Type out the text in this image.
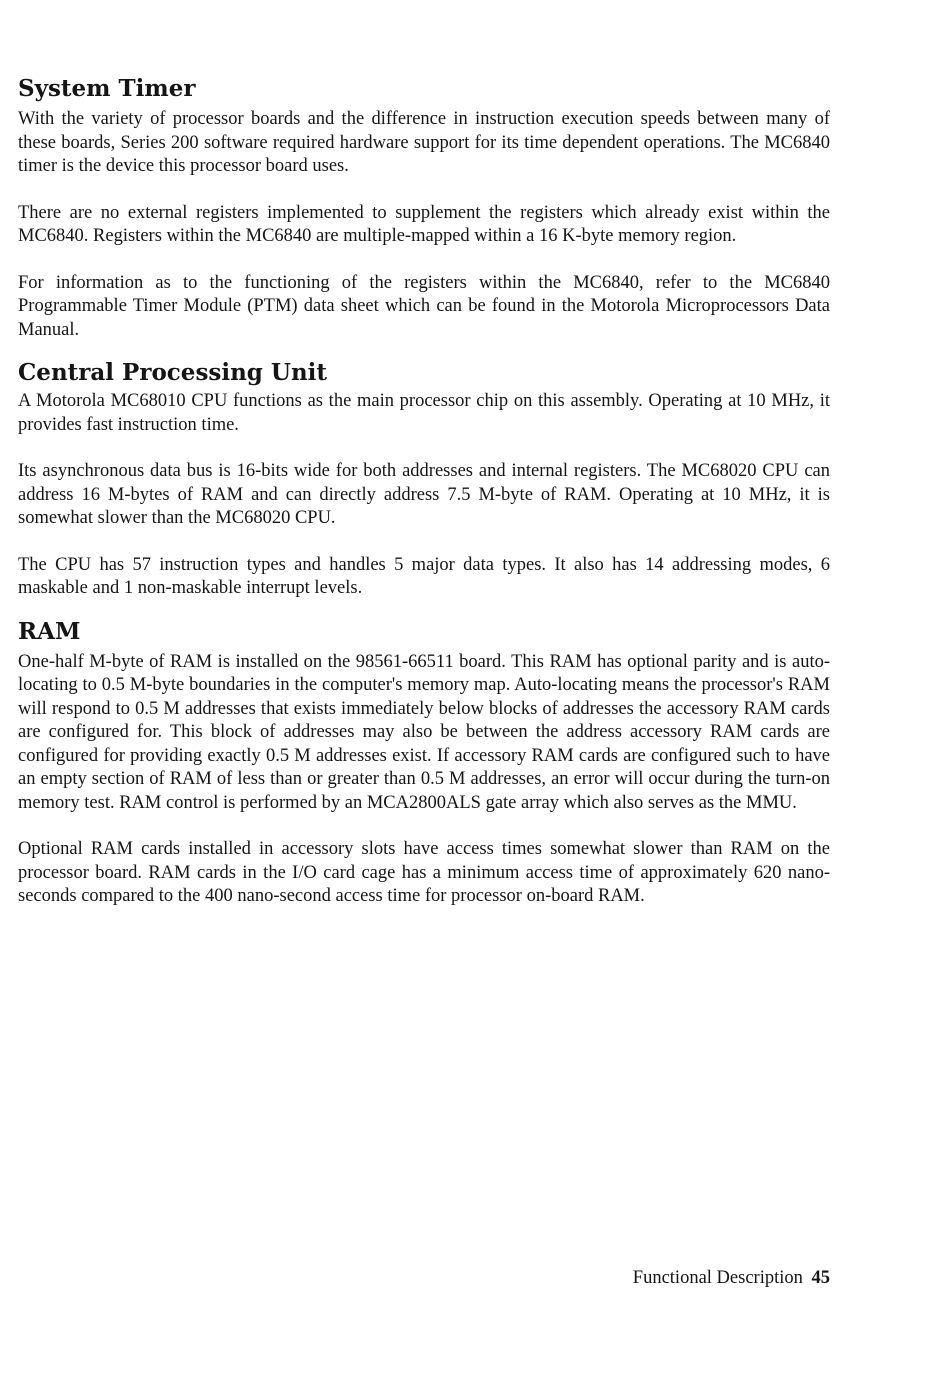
System Timer

With the variety of processor boards and the difference in instruction execution speeds between many of these boards, Series 200 software required hardware support for its time dependent operations. The MC6840 timer is the device this processor board uses.

There are no external registers implemented to supplement the registers which already exist within the MC6840. Registers within the MC6840 are multiple-mapped within a 16 K-byte memory region.

For information as to the functioning of the registers within the MC6840, refer to the MC6840 Programmable Timer Module (PTM) data sheet which can be found in the Motorola Microprocessors Data Manual.

Central Processing Unit

A Motorola MC68010 CPU functions as the main processor chip on this assembly. Operating at 10 MHz, it provides fast instruction time.

Its asynchronous data bus is 16-bits wide for both addresses and internal registers. The MC68020 CPU can address 16 M-bytes of RAM and can directly address 7.5 M-byte of RAM. Operating at 10 MHz, it is somewhat slower than the MC68020 CPU.

The CPU has 57 instruction types and handles 5 major data types. It also has 14 addressing modes, 6 maskable and 1 non-maskable interrupt levels.

RAM

One-half M-byte of RAM is installed on the 98561-66511 board. This RAM has optional parity and is auto-locating to 0.5 M-byte boundaries in the computer's memory map. Auto-locating means the processor's RAM will respond to 0.5 M addresses that exists immediately below blocks of addresses the accessory RAM cards are configured for. This block of addresses may also be between the address accessory RAM cards are configured for providing exactly 0.5 M addresses exist. If accessory RAM cards are configured such to have an empty section of RAM of less than or greater than 0.5 M addresses, an error will occur during the turn-on memory test. RAM control is performed by an MCA2800ALS gate array which also serves as the MMU.

Optional RAM cards installed in accessory slots have access times somewhat slower than RAM on the processor board. RAM cards in the I/O card cage has a minimum access time of approximately 620 nano-seconds compared to the 400 nano-second access time for processor on-board RAM.

Functional Description 45
